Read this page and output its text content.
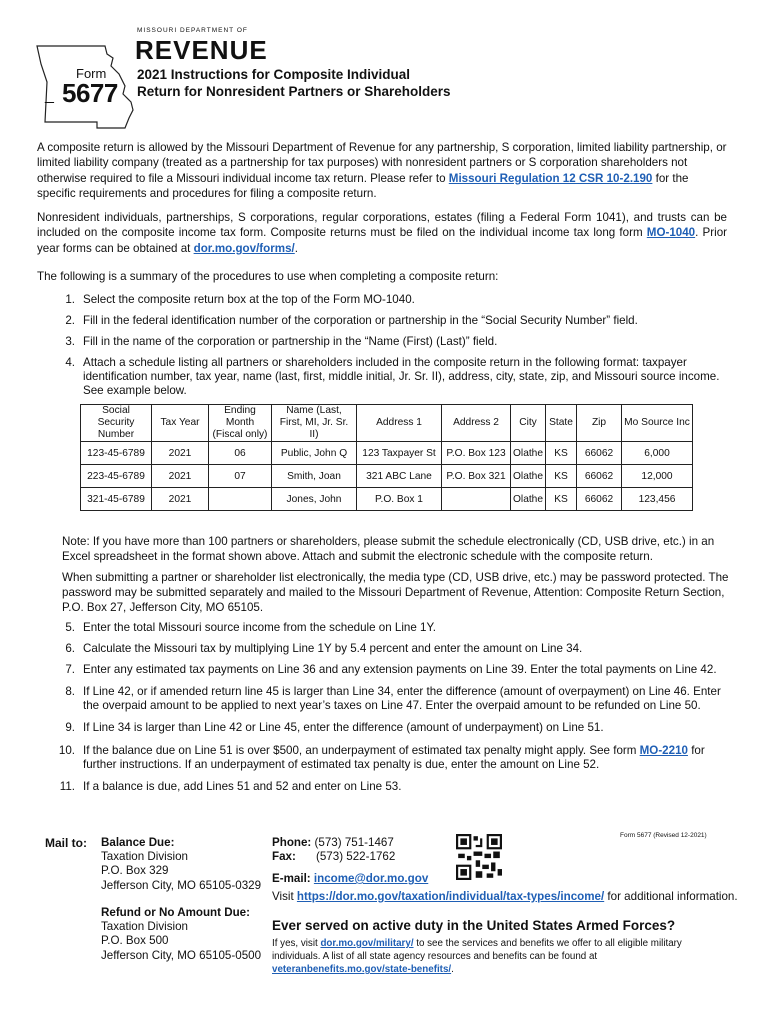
MISSOURI DEPARTMENT OF
REVENUE
Form
_ 5677
2021 Instructions for Composite Individual
Return for Nonresident Partners or Shareholders
A composite return is allowed by the Missouri Department of Revenue for any partnership, S corporation, limited liability partnership, or limited liability company (treated as a partnership for tax purposes) with nonresident partners or S corporation shareholders not otherwise required to file a Missouri individual income tax return. Please refer to Missouri Regulation 12 CSR 10-2.190 for the specific requirements and procedures for filing a composite return.
Nonresident individuals, partnerships, S corporations, regular corporations, estates (filing a Federal Form 1041), and trusts can be included on the composite income tax form. Composite returns must be filed on the individual income tax long form MO-1040. Prior year forms can be obtained at dor.mo.gov/forms/.
The following is a summary of the procedures to use when completing a composite return:
1. Select the composite return box at the top of the Form MO-1040.
2. Fill in the federal identification number of the corporation or partnership in the “Social Security Number” field.
3. Fill in the name of the corporation or partnership in the “Name (First) (Last)” field.
4. Attach a schedule listing all partners or shareholders included in the composite return in the following format: taxpayer identification number, tax year, name (last, first, middle initial, Jr. Sr. II), address, city, state, zip, and Missouri source income. See example below.
Social Security Number	Tax Year	Ending Month (Fiscal only)	Name (Last, First, MI, Jr. Sr. II)	Address 1	Address 2	City	State	Zip	Mo Source Inc
123-45-6789	2021	06	Public, John Q	123 Taxpayer St	P.O. Box 123	Olathe	KS	66062	6,000
223-45-6789	2021	07	Smith, Joan	321 ABC Lane	P.O. Box 321	Olathe	KS	66062	12,000
321-45-6789	2021		Jones, John	P.O. Box 1		Olathe	KS	66062	123,456
Note: If you have more than 100 partners or shareholders, please submit the schedule electronically (CD, USB drive, etc.) in an Excel spreadsheet in the format shown above. Attach and submit the electronic schedule with the composite return.
When submitting a partner or shareholder list electronically, the media type (CD, USB drive, etc.) may be password protected. The password may be submitted separately and mailed to the Missouri Department of Revenue, Attention: Composite Return Section, P.O. Box 27, Jefferson City, MO 65105.
5. Enter the total Missouri source income from the schedule on Line 1Y.
6. Calculate the Missouri tax by multiplying Line 1Y by 5.4 percent and enter the amount on Line 34.
7. Enter any estimated tax payments on Line 36 and any extension payments on Line 39. Enter the total payments on Line 42.
8. If Line 42, or if amended return line 45 is larger than Line 34, enter the difference (amount of overpayment) on Line 46. Enter the overpaid amount to be applied to next year’s taxes on Line 47. Enter the overpaid amount to be refunded on Line 50.
9. If Line 34 is larger than Line 42 or Line 45, enter the difference (amount of underpayment) on Line 51.
10. If the balance due on Line 51 is over $500, an underpayment of estimated tax penalty might apply. See form MO-2210 for further instructions. If an underpayment of estimated tax penalty is due, enter the amount on Line 52.
11. If a balance is due, add Lines 51 and 52 and enter on Line 53.
Mail to: Balance Due:
Taxation Division
P.O. Box 329
Jefferson City, MO 65105-0329
Refund or No Amount Due:
Taxation Division
P.O. Box 500
Jefferson City, MO 65105-0500
Phone: (573) 751-1467
Fax: (573) 522-1762
E-mail: income@dor.mo.gov
Visit https://dor.mo.gov/taxation/individual/tax-types/income/ for additional information.
Form 5677 (Revised 12-2021)
Ever served on active duty in the United States Armed Forces?
If yes, visit dor.mo.gov/military/ to see the services and benefits we offer to all eligible military individuals. A list of all state agency resources and benefits can be found at veteranbenefits.mo.gov/state-benefits/.
